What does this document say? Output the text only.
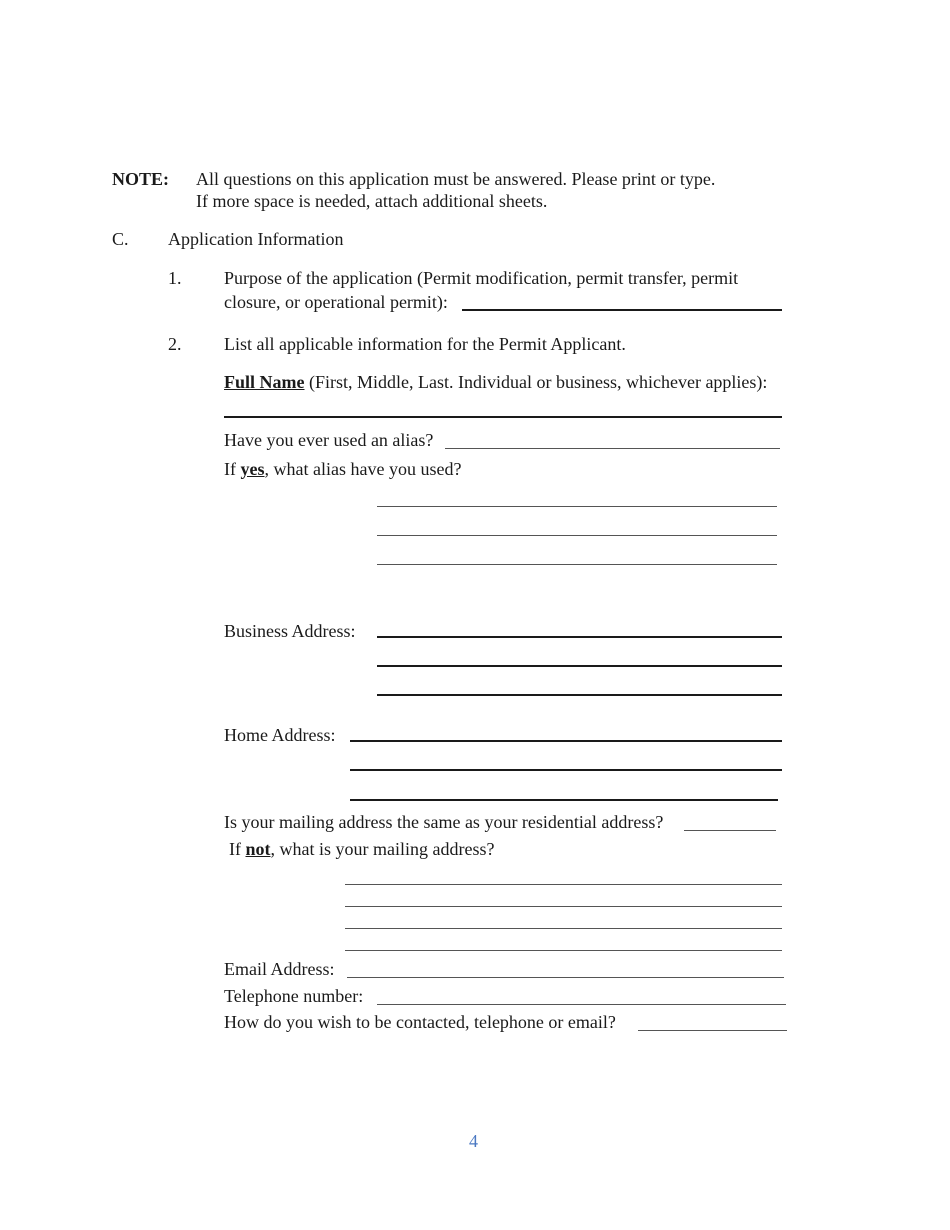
NOTE: All questions on this application must be answered. Please print or type.
If more space is needed, attach additional sheets.
C. Application Information
1. Purpose of the application (Permit modification, permit transfer, permit
closure, or operational permit):
2. List all applicable information for the Permit Applicant.
Full Name (First, Middle, Last. Individual or business, whichever applies):
Have you ever used an alias?
If yes, what alias have you used?
Business Address:
Home Address:
Is your mailing address the same as your residential address?
If not, what is your mailing address?
Email Address:
Telephone number:
How do you wish to be contacted, telephone or email?
4
